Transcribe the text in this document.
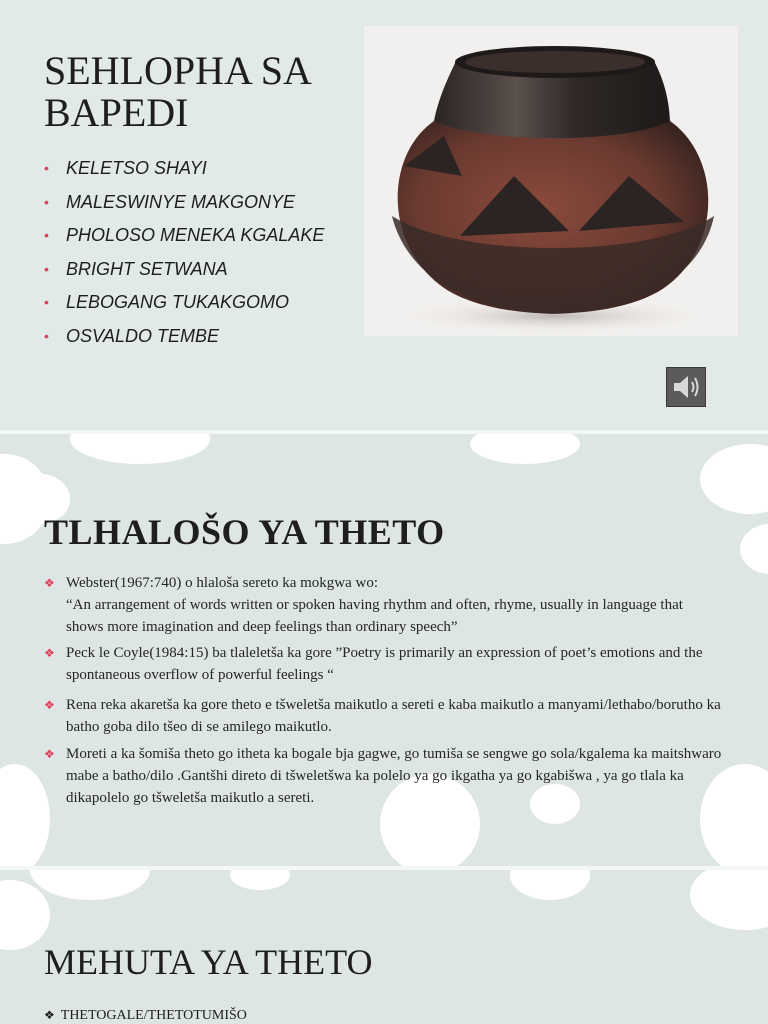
SEHLOPHA SA BAPEDI
• KELETSO SHAYI
• MALESWINYE MAKGONYE
• PHOLOSO MENEKA KGALAKE
• BRIGHT SETWANA
• LEBOGANG TUKAKGOMO
• OSVALDO TEMBE
TLHALOŠO YA THETO
❖ Webster(1967:740) o hlaloša sereto ka mokgwa wo:
“An arrangement of words written or spoken having rhythm and often, rhyme, usually in language that shows more imagination and deep feelings than ordinary speech”
❖ Peck le Coyle(1984:15) ba tlaleletša ka gore ”Poetry is primarily an expression of poet’s emotions and the spontaneous overflow of powerful feelings “
❖ Rena reka akaretša ka gore theto e tšweletša maikutlo a sereti e kaba maikutlo a manyami/lethabo/borutho ka batho goba dilo tšeo di se amilego maikutlo.
❖ Moreti a ka šomiša theto go itheta ka bogale bja gagwe, go tumiša se sengwe go sola/kgalema ka maitshwaro mabe a batho/dilo .Gantšhi direto di tšweletšwa ka polelo ya go ikgatha ya go kgabišwa , ya go tlala ka dikapolelo go tšweletša maikutlo a sereti.
MEHUTA YA THETO
❖ THETOGALE/THETOTUMIŠO
